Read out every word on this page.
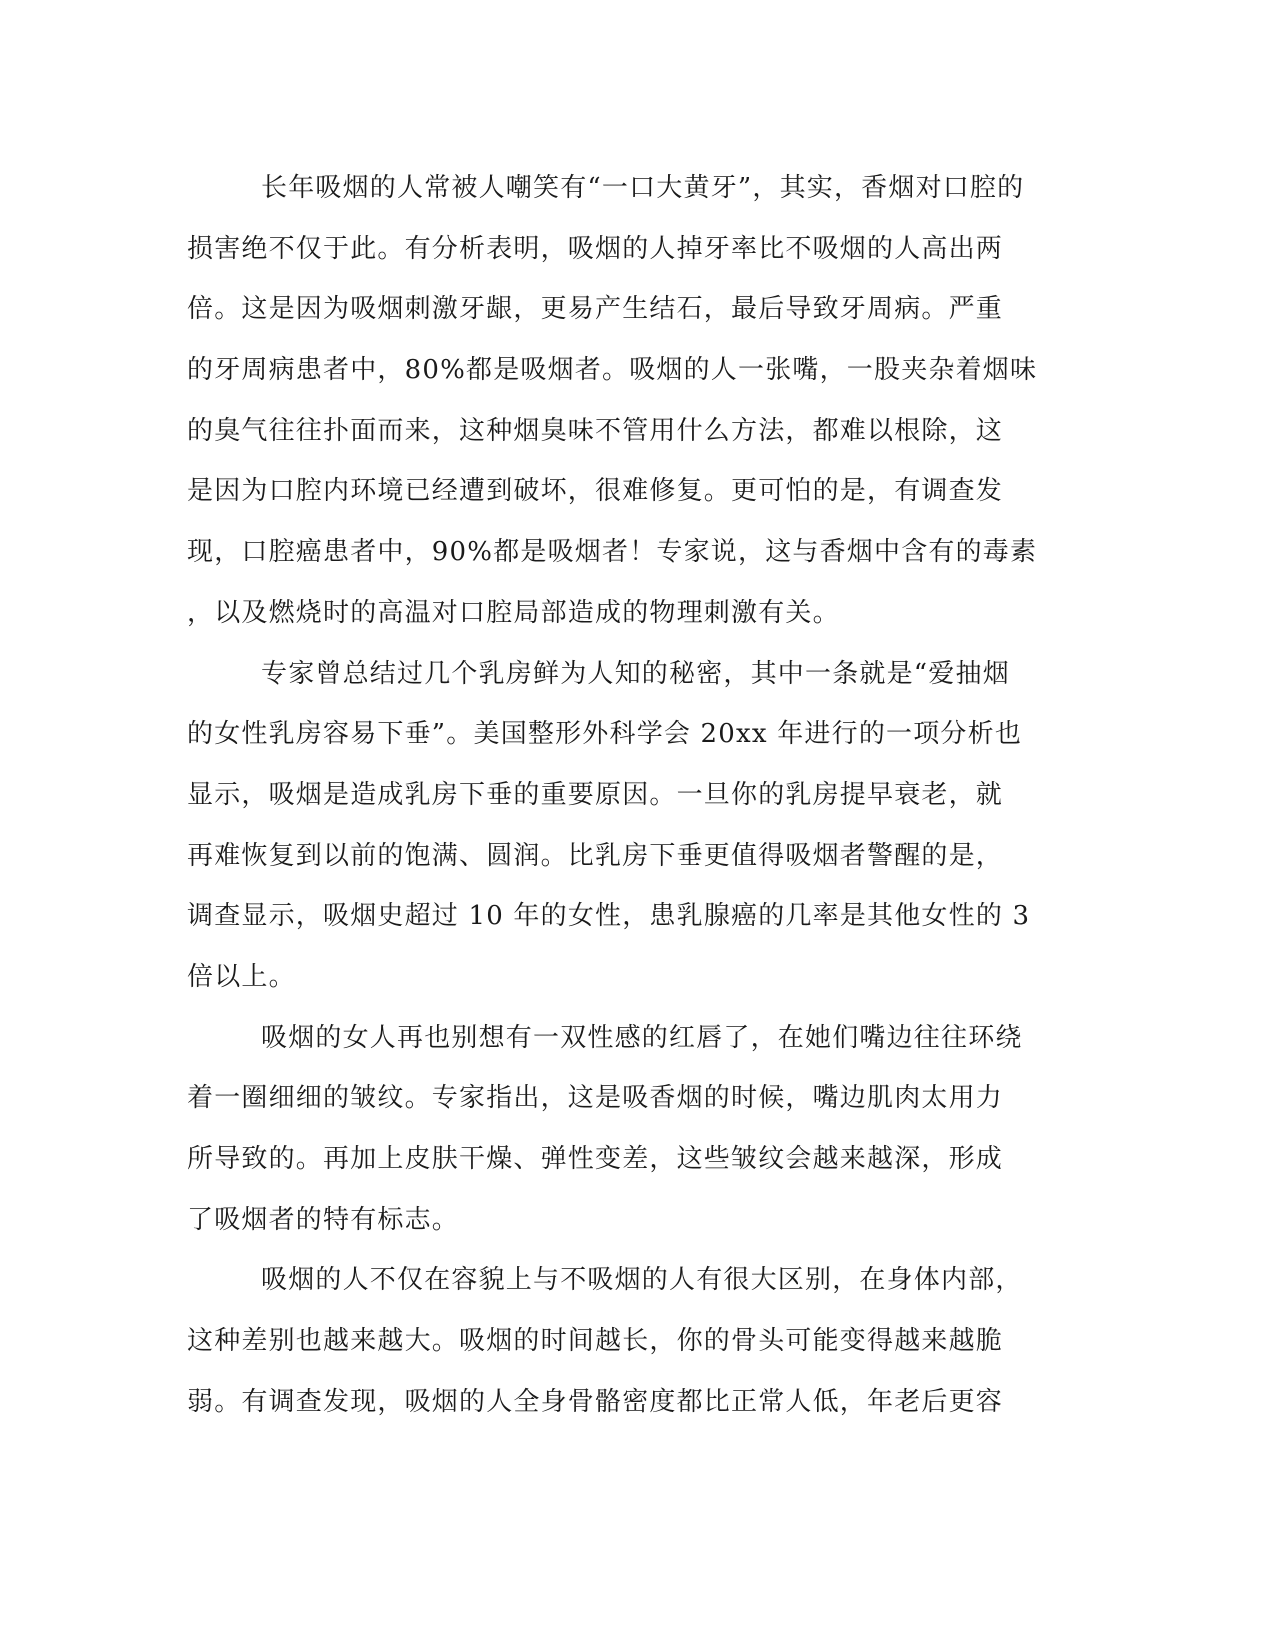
长年吸烟的人常被人嘲笑有“一口大黄牙”，其实，香烟对口腔的
损害绝不仅于此。有分析表明，吸烟的人掉牙率比不吸烟的人高出两
倍。这是因为吸烟刺激牙龈，更易产生结石，最后导致牙周病。严重
的牙周病患者中，80%都是吸烟者。吸烟的人一张嘴，一股夹杂着烟味
的臭气往往扑面而来，这种烟臭味不管用什么方法，都难以根除，这
是因为口腔内环境已经遭到破坏，很难修复。更可怕的是，有调查发
现，口腔癌患者中，90%都是吸烟者！专家说，这与香烟中含有的毒素
，以及燃烧时的高温对口腔局部造成的物理刺激有关。
专家曾总结过几个乳房鲜为人知的秘密，其中一条就是“爱抽烟
的女性乳房容易下垂”。美国整形外科学会 20xx 年进行的一项分析也
显示，吸烟是造成乳房下垂的重要原因。一旦你的乳房提早衰老，就
再难恢复到以前的饱满、圆润。比乳房下垂更值得吸烟者警醒的是，
调查显示，吸烟史超过 10 年的女性，患乳腺癌的几率是其他女性的 3
倍以上。
吸烟的女人再也别想有一双性感的红唇了，在她们嘴边往往环绕
着一圈细细的皱纹。专家指出，这是吸香烟的时候，嘴边肌肉太用力
所导致的。再加上皮肤干燥、弹性变差，这些皱纹会越来越深，形成
了吸烟者的特有标志。
吸烟的人不仅在容貌上与不吸烟的人有很大区别，在身体内部，
这种差别也越来越大。吸烟的时间越长，你的骨头可能变得越来越脆
弱。有调查发现，吸烟的人全身骨骼密度都比正常人低，年老后更容
